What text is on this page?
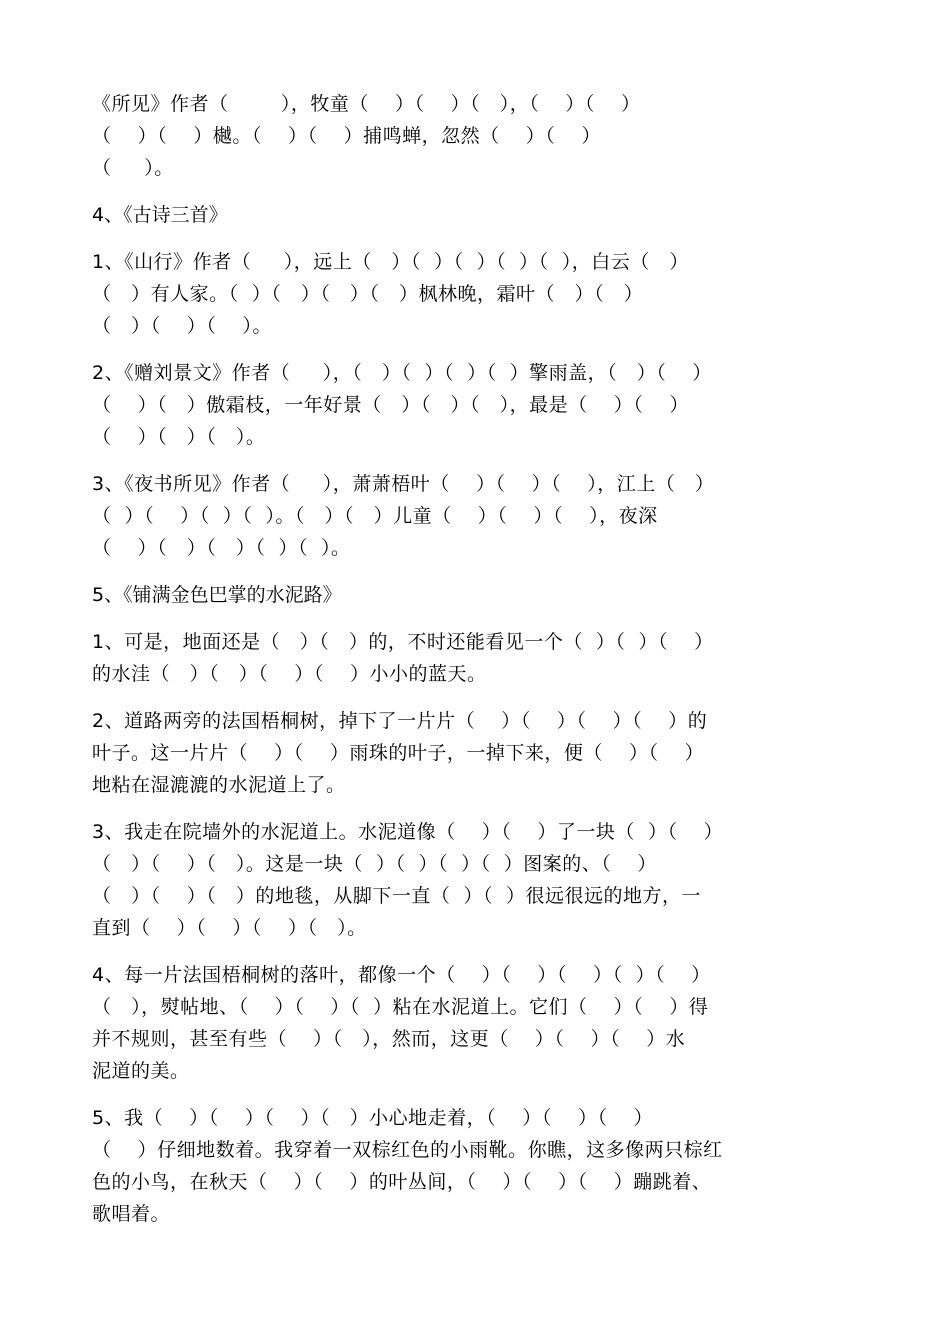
《所见》作者（        ），牧童（    ）（    ）（   ），（    ）（    ）
（    ）（    ）樾。（    ）（    ）捕鸣蝉，忽然（    ）（    ）
（     ）。
4、《古诗三首》
1、《山行》作者（     ），远上（   ）（  ）（  ）（  ）（  ），白云（   ）
（   ）有人家。（  ）（   ）（   ）（   ）枫林晚，霜叶（   ）（   ）
（   ）（    ）（    ）。
2、《赠刘景文》作者（     ），（   ）（  ）（  ）（  ）擎雨盖，（   ）（    ）
（    ）（   ）傲霜枝，一年好景（   ）（   ）（   ），最是（    ）（    ）
（    ）（   ）（   ）。
3、《夜书所见》作者（     ），萧萧梧叶（    ）（    ）（    ），江上（   ）
（  ）（    ）（  ）（  ）。（   ）（   ）儿童（    ）（    ）（    ），夜深
（    ）（   ）（   ）（  ）（  ）。
5、《铺满金色巴掌的水泥路》
1、可是，地面还是（   ）（   ）的，不时还能看见一个（  ）（  ）（    ）
的水洼（   ）（   ）（    ）（    ）小小的蓝天。
2、道路两旁的法国梧桐树，掉下了一片片（    ）（    ）（    ）（    ）的
叶子。这一片片（    ）（    ）雨珠的叶子，一掉下来，便（    ）（    ）
地粘在湿漉漉的水泥道上了。
3、我走在院墙外的水泥道上。水泥道像（    ）（    ）了一块（  ）（    ）
（   ）（    ）（   ）。这是一块（  ）（  ）（  ）（  ）图案的、（    ）
（   ）（    ）（   ）的地毯，从脚下一直（  ）（  ）很远很远的地方，一
直到（    ）（    ）（    ）（   ）。
4、每一片法国梧桐树的落叶，都像一个（    ）（    ）（    ）（  ）（    ）
（   ），熨帖地、（    ）（    ）（  ）粘在水泥道上。它们（    ）（    ）得
并不规则，甚至有些（    ）（   ），然而，这更（    ）（    ）（    ）水
泥道的美。
5、我（    ）（    ）（    ）（   ）小心地走着，（    ）（    ）（    ）
（    ）仔细地数着。我穿着一双棕红色的小雨靴。你瞧，这多像两只棕红
色的小鸟，在秋天（    ）（    ）的叶丛间，（    ）（    ）（    ）蹦跳着、
歌唱着。
